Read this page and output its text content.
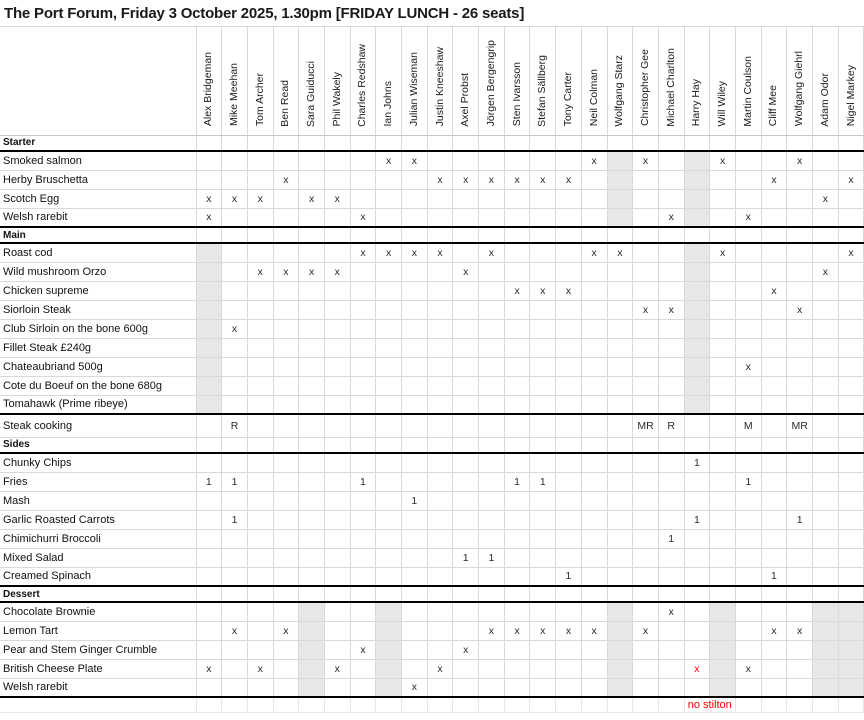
The Port Forum, Friday 3 October 2025, 1.30pm [FRIDAY LUNCH - 26 seats]
	Alex Bridgeman	Mike Meehan	Tom Archer	Ben Read	Sara Guiducci	Phil Wakely	Charles Redshaw	Ian Johns	Julian Wiseman	Justin Kneeshaw	Axel Probst	Jörgen Bergengrip	Sten Ivarsson	Stefan Sällberg	Tony Carter	Neil Colman	Wolfgang Starz	Christopher Gee	Michael Charlton	Harry Hay	Will Wiley	Martin Coulson	Cliff Mee	Wolfgang Giehrl	Adam Odor	Nigel Markey
Starter																										
Smoked salmon								x	x							x		x			x			x		
Herby Bruschetta				x						x	x	x	x	x	x								x			x
Scotch Egg	x	x	x		x	x																			x	
Welsh rarebit	x						x												x			x				
Main																										
Roast cod							x	x	x	x		x				x	x				x					x
Wild mushroom Orzo			x	x	x	x					x														x	
Chicken supreme													x	x	x								x			
Siorloin Steak																		x	x					x		
Club Sirloin on the bone 600g		x																								
Fillet Steak £240g																										
Chateaubriand 500g																						x				
Cote du Boeuf on the bone 680g																										
Tomahawk (Prime ribeye)																										
Steak cooking		R																MR	R			M		MR		
Sides																										
Chunky Chips																				1						
Fries	1	1					1						1	1								1				
Mash									1																	
Garlic Roasted Carrots		1																		1				1		
Chimichurri Broccoli																			1							
Mixed Salad											1	1														
Creamed Spinach															1								1			
Dessert																										
Chocolate Brownie																			x							
Lemon Tart		x		x								x	x	x	x	x		x					x	x		
Pear and Stem Ginger Crumble							x				x															
British Cheese Plate	x		x			x				x										x		x				
Welsh rarebit									x																	
																				no stilton						
